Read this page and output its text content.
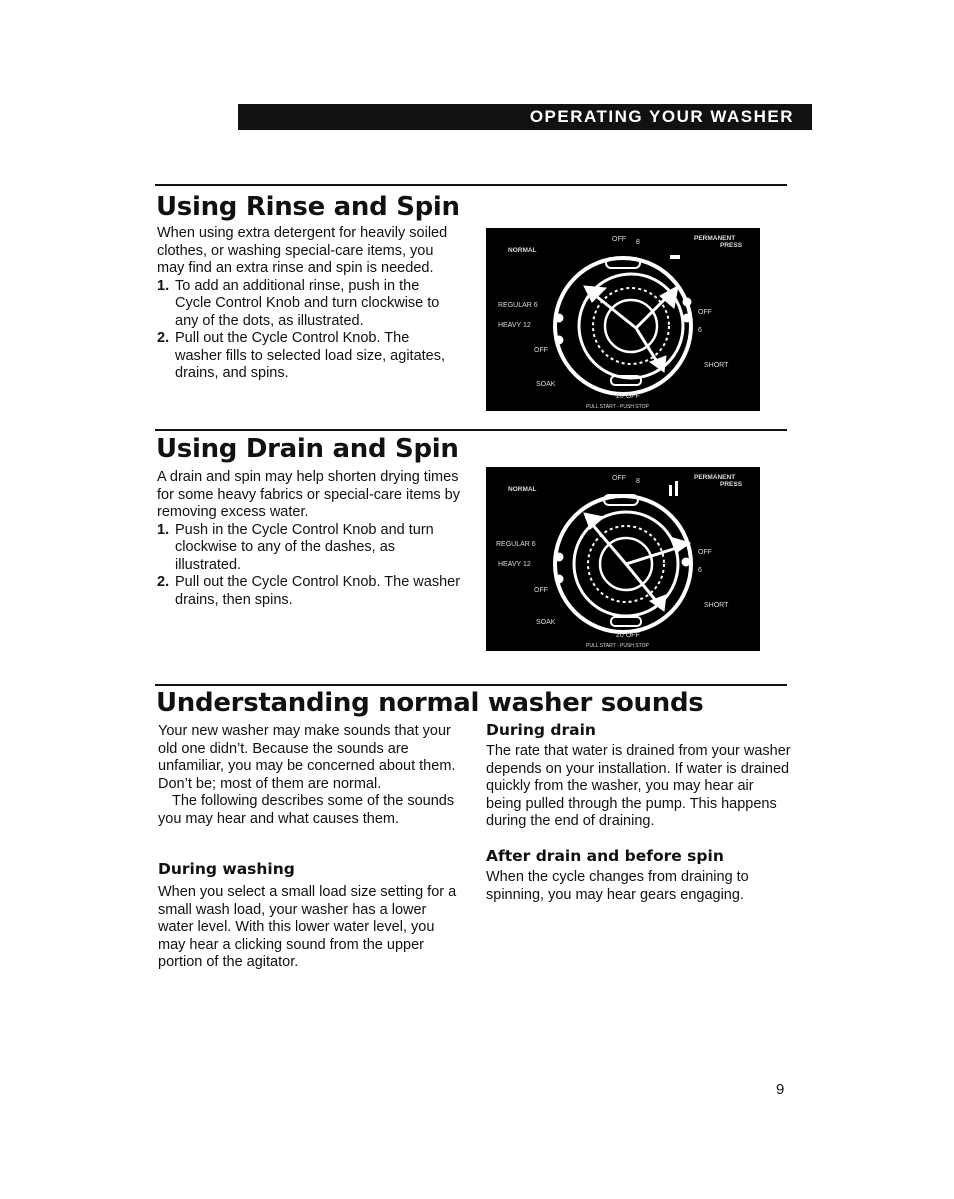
OPERATING YOUR WASHER
Using Rinse and Spin

When using extra detergent for heavily soiled clothes, or washing special-care items, you may find an extra rinse and spin is needed.

1. To add an additional rinse, push in the Cycle Control Knob and turn clockwise to any of the dots, as illustrated.
2. Pull out the Cycle Control Knob. The washer fills to selected load size, agitates, drains, and spins.
OFF 8
NORMAL
PERMANENT
PRESS
REGULAR 6
HEAVY 12
OFF
SOAK
OFF
6
SHORT
20 OFF
PULL START - PUSH STOP
Using Drain and Spin

A drain and spin may help shorten drying times for some heavy fabrics or special-care items by removing excess water.

1. Push in the Cycle Control Knob and turn clockwise to any of the dashes, as illustrated.
2. Pull out the Cycle Control Knob. The washer drains, then spins.
OFF 8
NORMAL
PERMANENT
PRESS
REGULAR 6
HEAVY 12
OFF
SOAK
OFF
6
SHORT
20 OFF
PULL START - PUSH STOP
Understanding normal washer sounds

Your new washer may make sounds that your old one didn’t. Because the sounds are unfamiliar, you may be concerned about them. Don’t be; most of them are normal.

The following describes some of the sounds you may hear and what causes them.

During washing
When you select a small load size setting for a small wash load, your washer has a lower water level. With this lower water level, you may hear a clicking sound from the upper portion of the agitator.
During drain
The rate that water is drained from your washer depends on your installation. If water is drained quickly from the washer, you may hear air being pulled through the pump. This happens during the end of draining.
After drain and before spin
When the cycle changes from draining to spinning, you may hear gears engaging.
9
